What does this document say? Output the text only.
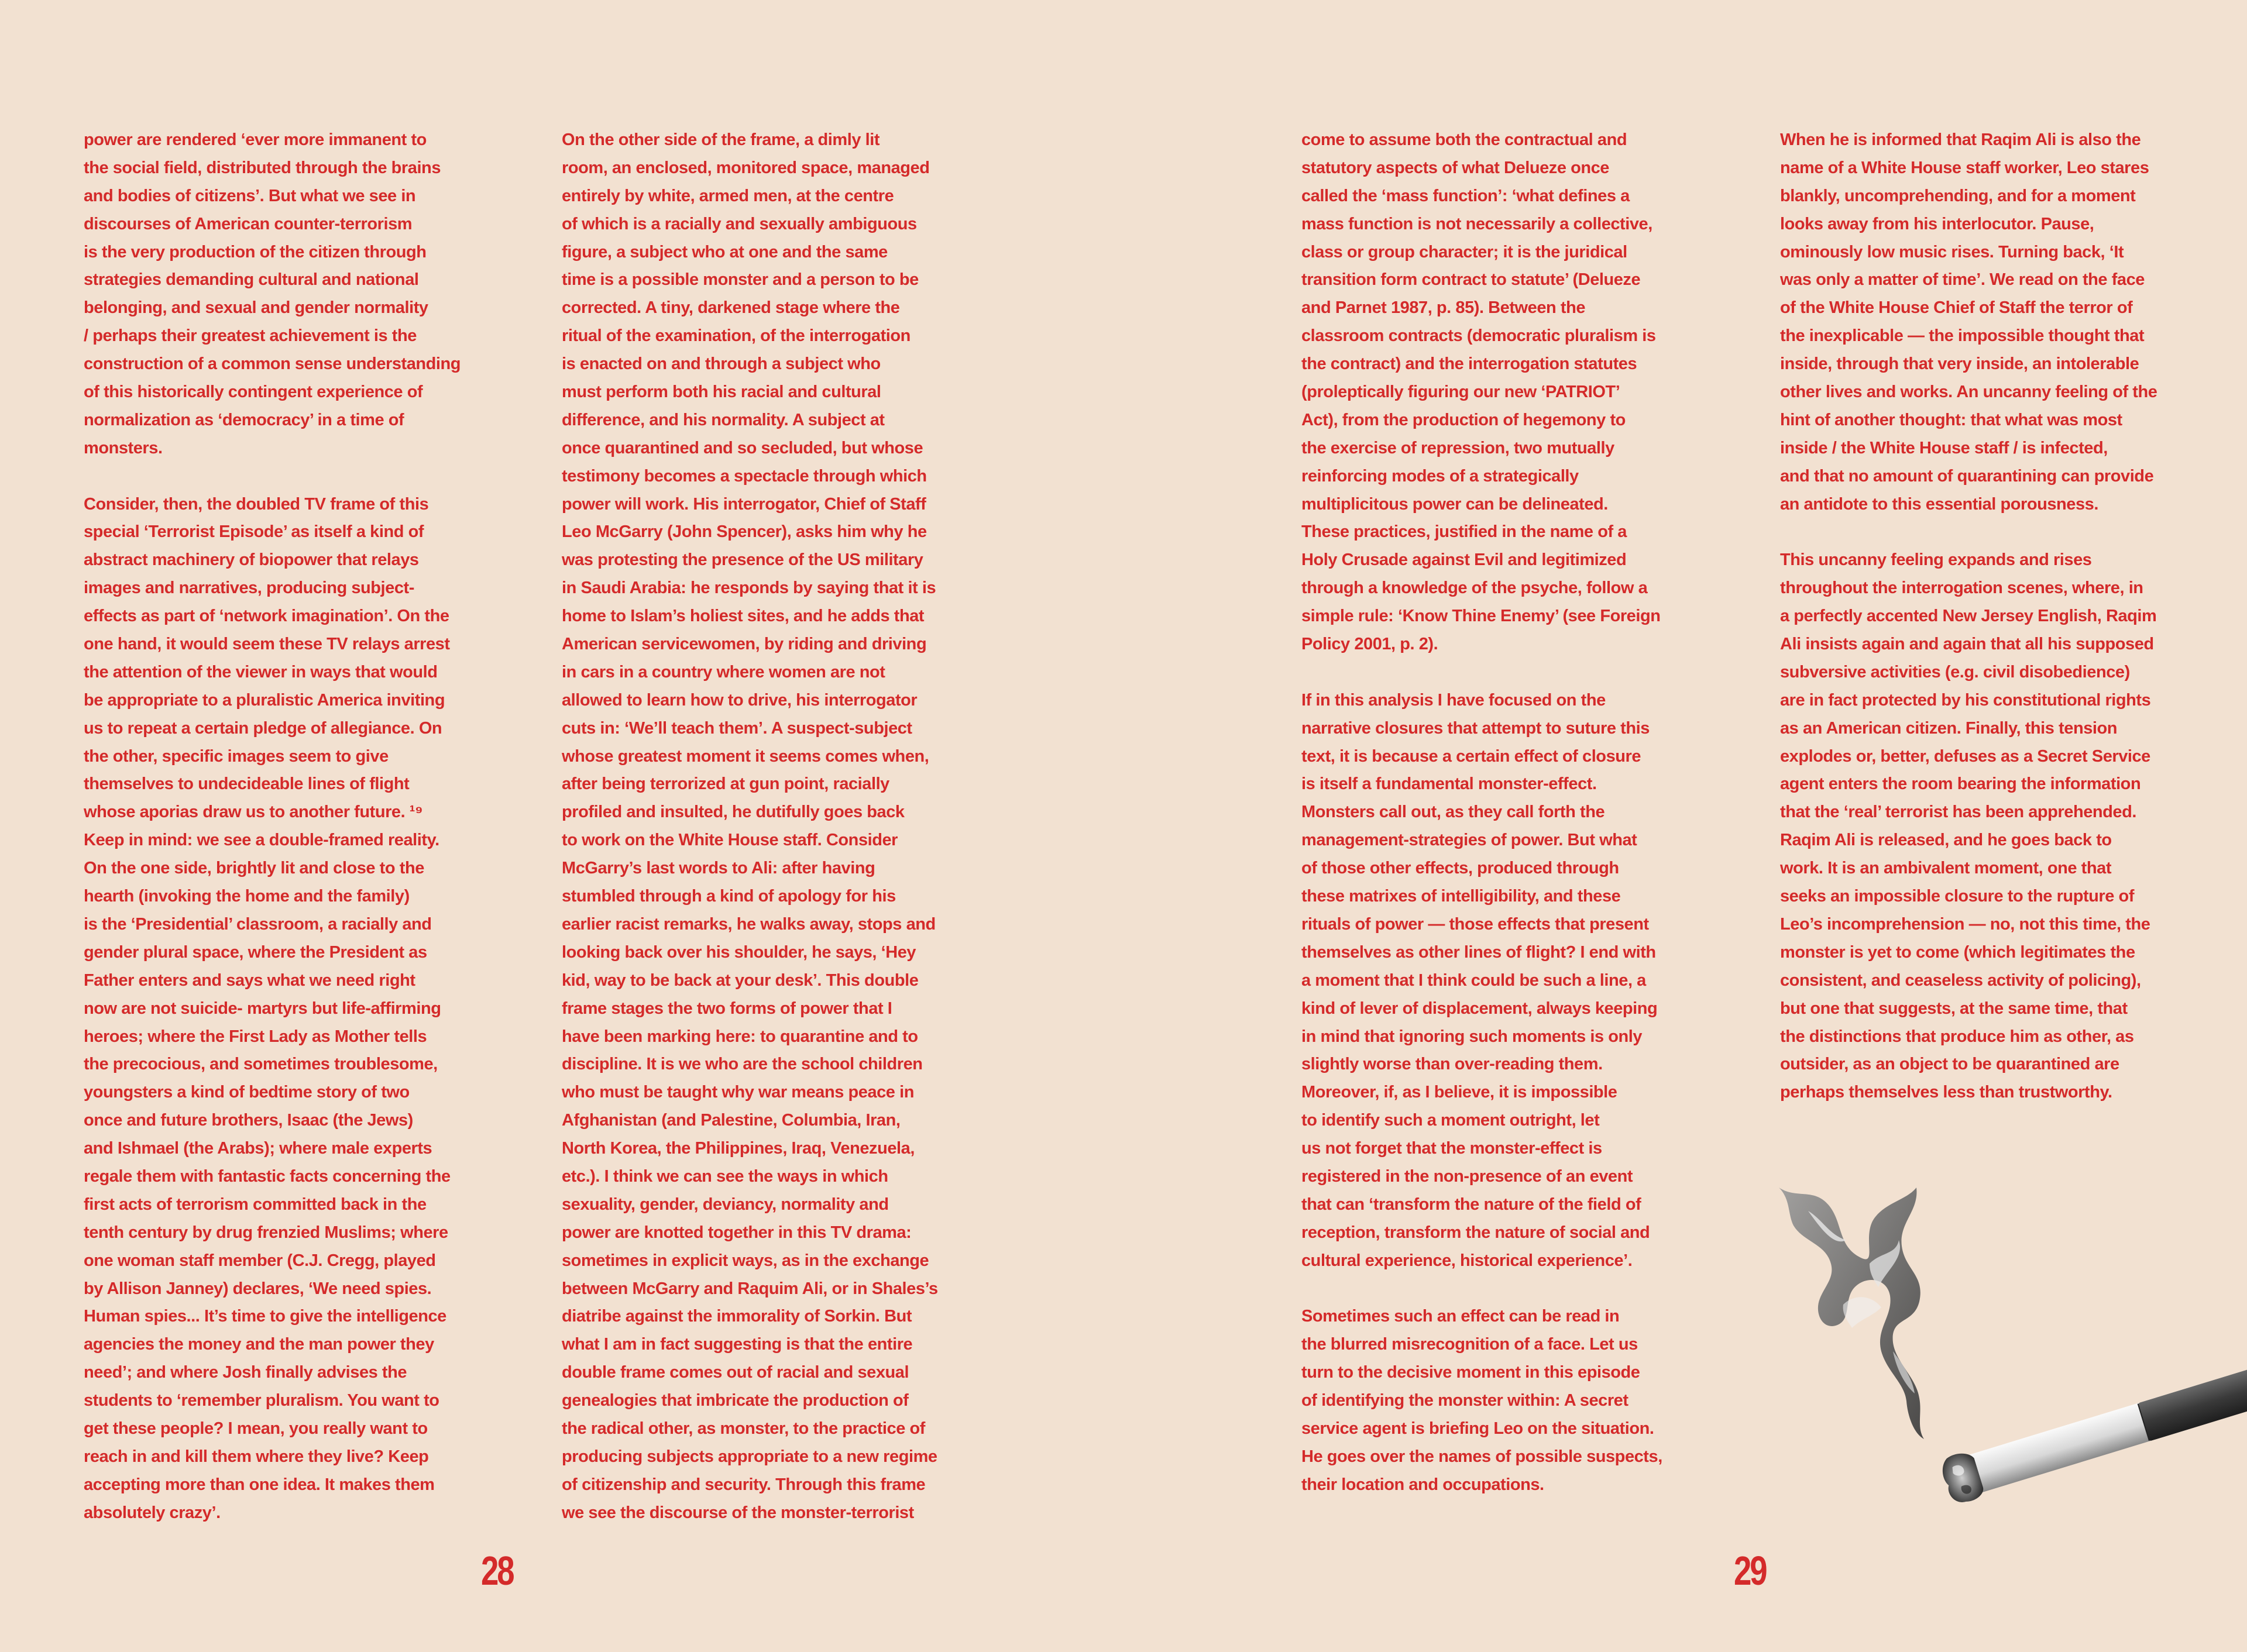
power are rendered ‘ever more immanent to
the social field, distributed through the brains
and bodies of citizens’. But what we see in
discourses of American counter-terrorism
is the very production of the citizen through
strategies demanding cultural and national
belonging, and sexual and gender normality
/ perhaps their greatest achievement is the
construction of a common sense understanding
of this historically contingent experience of
normalization as ‘democracy’ in a time of
monsters.
Consider, then, the doubled TV frame of this
special ‘Terrorist Episode’ as itself a kind of
abstract machinery of biopower that relays
images and narratives, producing subject-
effects as part of ‘network imagination’. On the
one hand, it would seem these TV relays arrest
the attention of the viewer in ways that would
be appropriate to a pluralistic America inviting
us to repeat a certain pledge of allegiance. On
the other, specific images seem to give
themselves to undecideable lines of flight
whose aporias draw us to another future. ¹⁹
Keep in mind: we see a double-framed reality.
On the one side, brightly lit and close to the
hearth (invoking the home and the family)
is the ‘Presidential’ classroom, a racially and
gender plural space, where the President as
Father enters and says what we need right
now are not suicide- martyrs but life-affirming
heroes; where the First Lady as Mother tells
the precocious, and sometimes troublesome,
youngsters a kind of bedtime story of two
once and future brothers, Isaac (the Jews)
and Ishmael (the Arabs); where male experts
regale them with fantastic facts concerning the
first acts of terrorism committed back in the
tenth century by drug frenzied Muslims; where
one woman staff member (C.J. Cregg, played
by Allison Janney) declares, ‘We need spies.
Human spies... It’s time to give the intelligence
agencies the money and the man power they
need’; and where Josh finally advises the
students to ‘remember pluralism. You want to
get these people? I mean, you really want to
reach in and kill them where they live? Keep
accepting more than one idea. It makes them
absolutely crazy’.
On the other side of the frame, a dimly lit
room, an enclosed, monitored space, managed
entirely by white, armed men, at the centre
of which is a racially and sexually ambiguous
figure, a subject who at one and the same
time is a possible monster and a person to be
corrected. A tiny, darkened stage where the
ritual of the examination, of the interrogation
is enacted on and through a subject who
must perform both his racial and cultural
difference, and his normality. A subject at
once quarantined and so secluded, but whose
testimony becomes a spectacle through which
power will work. His interrogator, Chief of Staff
Leo McGarry (John Spencer), asks him why he
was protesting the presence of the US military
in Saudi Arabia: he responds by saying that it is
home to Islam’s holiest sites, and he adds that
American servicewomen, by riding and driving
in cars in a country where women are not
allowed to learn how to drive, his interrogator
cuts in: ‘We’ll teach them’. A suspect-subject
whose greatest moment it seems comes when,
after being terrorized at gun point, racially
profiled and insulted, he dutifully goes back
to work on the White House staff. Consider
McGarry’s last words to Ali: after having
stumbled through a kind of apology for his
earlier racist remarks, he walks away, stops and
looking back over his shoulder, he says, ‘Hey
kid, way to be back at your desk’. This double
frame stages the two forms of power that I
have been marking here: to quarantine and to
discipline. It is we who are the school children
who must be taught why war means peace in
Afghanistan (and Palestine, Columbia, Iran,
North Korea, the Philippines, Iraq, Venezuela,
etc.). I think we can see the ways in which
sexuality, gender, deviancy, normality and
power are knotted together in this TV drama:
sometimes in explicit ways, as in the exchange
between McGarry and Raquim Ali, or in Shales’s
diatribe against the immorality of Sorkin. But
what I am in fact suggesting is that the entire
double frame comes out of racial and sexual
genealogies that imbricate the production of
the radical other, as monster, to the practice of
producing subjects appropriate to a new regime
of citizenship and security. Through this frame
we see the discourse of the monster-terrorist
28
come to assume both the contractual and
statutory aspects of what Delueze once
called the ‘mass function’: ‘what defines a
mass function is not necessarily a collective,
class or group character; it is the juridical
transition form contract to statute’ (Delueze
and Parnet 1987, p. 85). Between the
classroom contracts (democratic pluralism is
the contract) and the interrogation statutes
(proleptically figuring our new ‘PATRIOT’
Act), from the production of hegemony to
the exercise of repression, two mutually
reinforcing modes of a strategically
multiplicitous power can be delineated.
These practices, justified in the name of a
Holy Crusade against Evil and legitimized
through a knowledge of the psyche, follow a
simple rule: ‘Know Thine Enemy’ (see Foreign
Policy 2001, p. 2).
If in this analysis I have focused on the
narrative closures that attempt to suture this
text, it is because a certain effect of closure
is itself a fundamental monster-effect.
Monsters call out, as they call forth the
management-strategies of power. But what
of those other effects, produced through
these matrixes of intelligibility, and these
rituals of power — those effects that present
themselves as other lines of flight? I end with
a moment that I think could be such a line, a
kind of lever of displacement, always keeping
in mind that ignoring such moments is only
slightly worse than over-reading them.
Moreover, if, as I believe, it is impossible
to identify such a moment outright, let
us not forget that the monster-effect is
registered in the non-presence of an event
that can ‘transform the nature of the field of
reception, transform the nature of social and
cultural experience, historical experience’.
Sometimes such an effect can be read in
the blurred misrecognition of a face. Let us
turn to the decisive moment in this episode
of identifying the monster within: A secret
service agent is briefing Leo on the situation.
He goes over the names of possible suspects,
their location and occupations.
When he is informed that Raqim Ali is also the
name of a White House staff worker, Leo stares
blankly, uncomprehending, and for a moment
looks away from his interlocutor. Pause,
ominously low music rises. Turning back, ‘It
was only a matter of time’. We read on the face
of the White House Chief of Staff the terror of
the inexplicable — the impossible thought that
inside, through that very inside, an intolerable
other lives and works. An uncanny feeling of the
hint of another thought: that what was most
inside / the White House staff / is infected,
and that no amount of quarantining can provide
an antidote to this essential porousness.
This uncanny feeling expands and rises
throughout the interrogation scenes, where, in
a perfectly accented New Jersey English, Raqim
Ali insists again and again that all his supposed
subversive activities (e.g. civil disobedience)
are in fact protected by his constitutional rights
as an American citizen. Finally, this tension
explodes or, better, defuses as a Secret Service
agent enters the room bearing the information
that the ‘real’ terrorist has been apprehended.
Raqim Ali is released, and he goes back to
work. It is an ambivalent moment, one that
seeks an impossible closure to the rupture of
Leo’s incomprehension — no, not this time, the
monster is yet to come (which legitimates the
consistent, and ceaseless activity of policing),
but one that suggests, at the same time, that
the distinctions that produce him as other, as
outsider, as an object to be quarantined are
perhaps themselves less than trustworthy.
29
